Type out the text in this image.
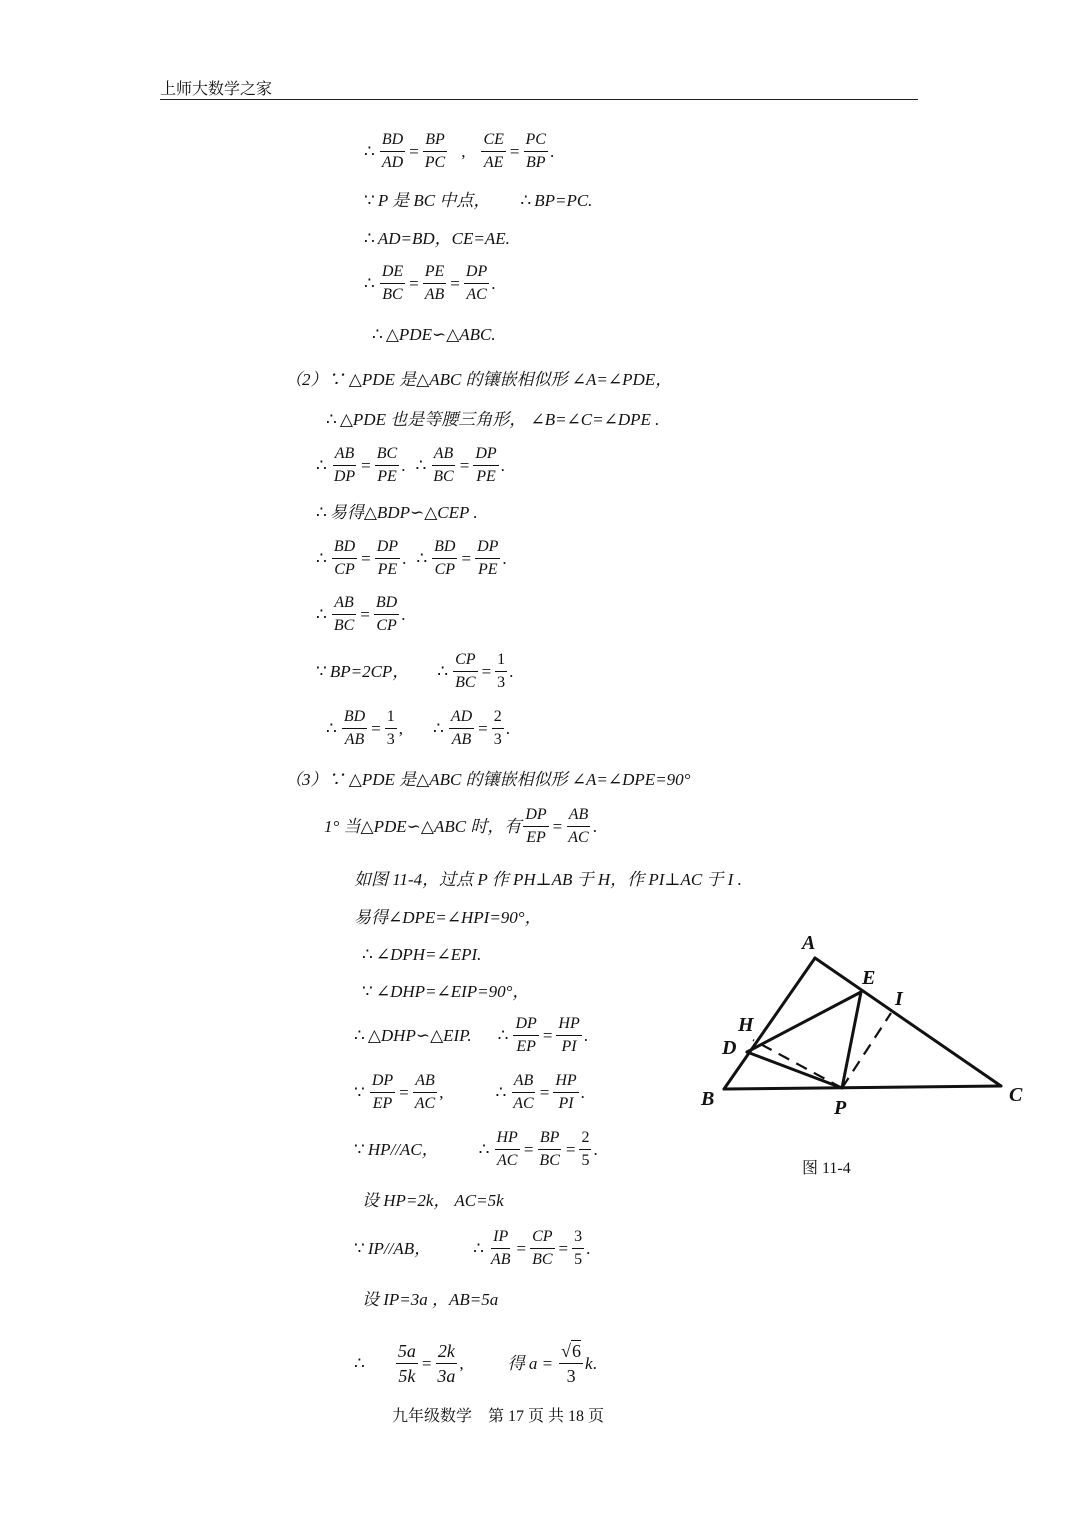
上师大数学之家
∴ $\frac{BD}{AD} = \frac{BP}{PC}$ , $\frac{CE}{AE} = \frac{PC}{BP}$ .
∵ P 是 BC 中点， ∴ BP=PC.
∴ AD=BD，CE=AE.
∴ $\frac{DE}{BC} = \frac{PE}{AB} = \frac{DP}{AC}$ .
∴ △PDE∽△ABC.
（2）∵ △PDE 是△ABC 的镶嵌相似形 ∠A=∠PDE，
∴ △PDE 也是等腰三角形， ∠B=∠C=∠DPE .
∴ $\frac{AB}{DP} = \frac{BC}{PE}$ . ∴ $\frac{AB}{BC} = \frac{DP}{PE}$ .
∴ 易得△BDP∽△CEP .
∴ $\frac{BD}{CP} = \frac{DP}{PE}$ . ∴ $\frac{BD}{CP} = \frac{DP}{PE}$ .
∴ $\frac{AB}{BC} = \frac{BD}{CP}$ .
∵ BP=2CP， ∴ $\frac{CP}{BC} = \frac{1}{3}$ .
∴ $\frac{BD}{AB} = \frac{1}{3}$ , ∴ $\frac{AD}{AB} = \frac{2}{3}$ .
（3）∵ △PDE 是△ABC 的镶嵌相似形 ∠A=∠DPE=90°
1° 当△PDE∽△ABC 时，有 $\frac{DP}{EP} = \frac{AB}{AC}$ .
如图 11-4，过点 P 作 PH⊥AB 于 H，作 PI⊥AC 于 I .
易得∠DPE=∠HPI=90°，
∴ ∠DPH=∠EPI.
∵ ∠DHP=∠EIP=90°，
∴ △DHP∽△EIP. ∴ $\frac{DP}{EP} = \frac{HP}{PI}$ .
∵ $\frac{DP}{EP} = \frac{AB}{AC}$ ,	∴ $\frac{AB}{AC} = \frac{HP}{PI}$ .
∵ HP//AC， ∴ $\frac{HP}{AC} = \frac{BP}{BC} = \frac{2}{5}$ .
设 HP=2k， AC=5k
∵ IP//AB， ∴ $\frac{IP}{AB} = \frac{CP}{BC} = \frac{3}{5}$ .
设 IP=3a ，AB=5a
∴ $\frac{5a}{5k} = \frac{2k}{3a}$ ,	得 $a = \frac{√6}{3}$ k .
A
E
I
H
D
B	P
C
图 11-4
九年级数学　第 17 页 共 18 页
